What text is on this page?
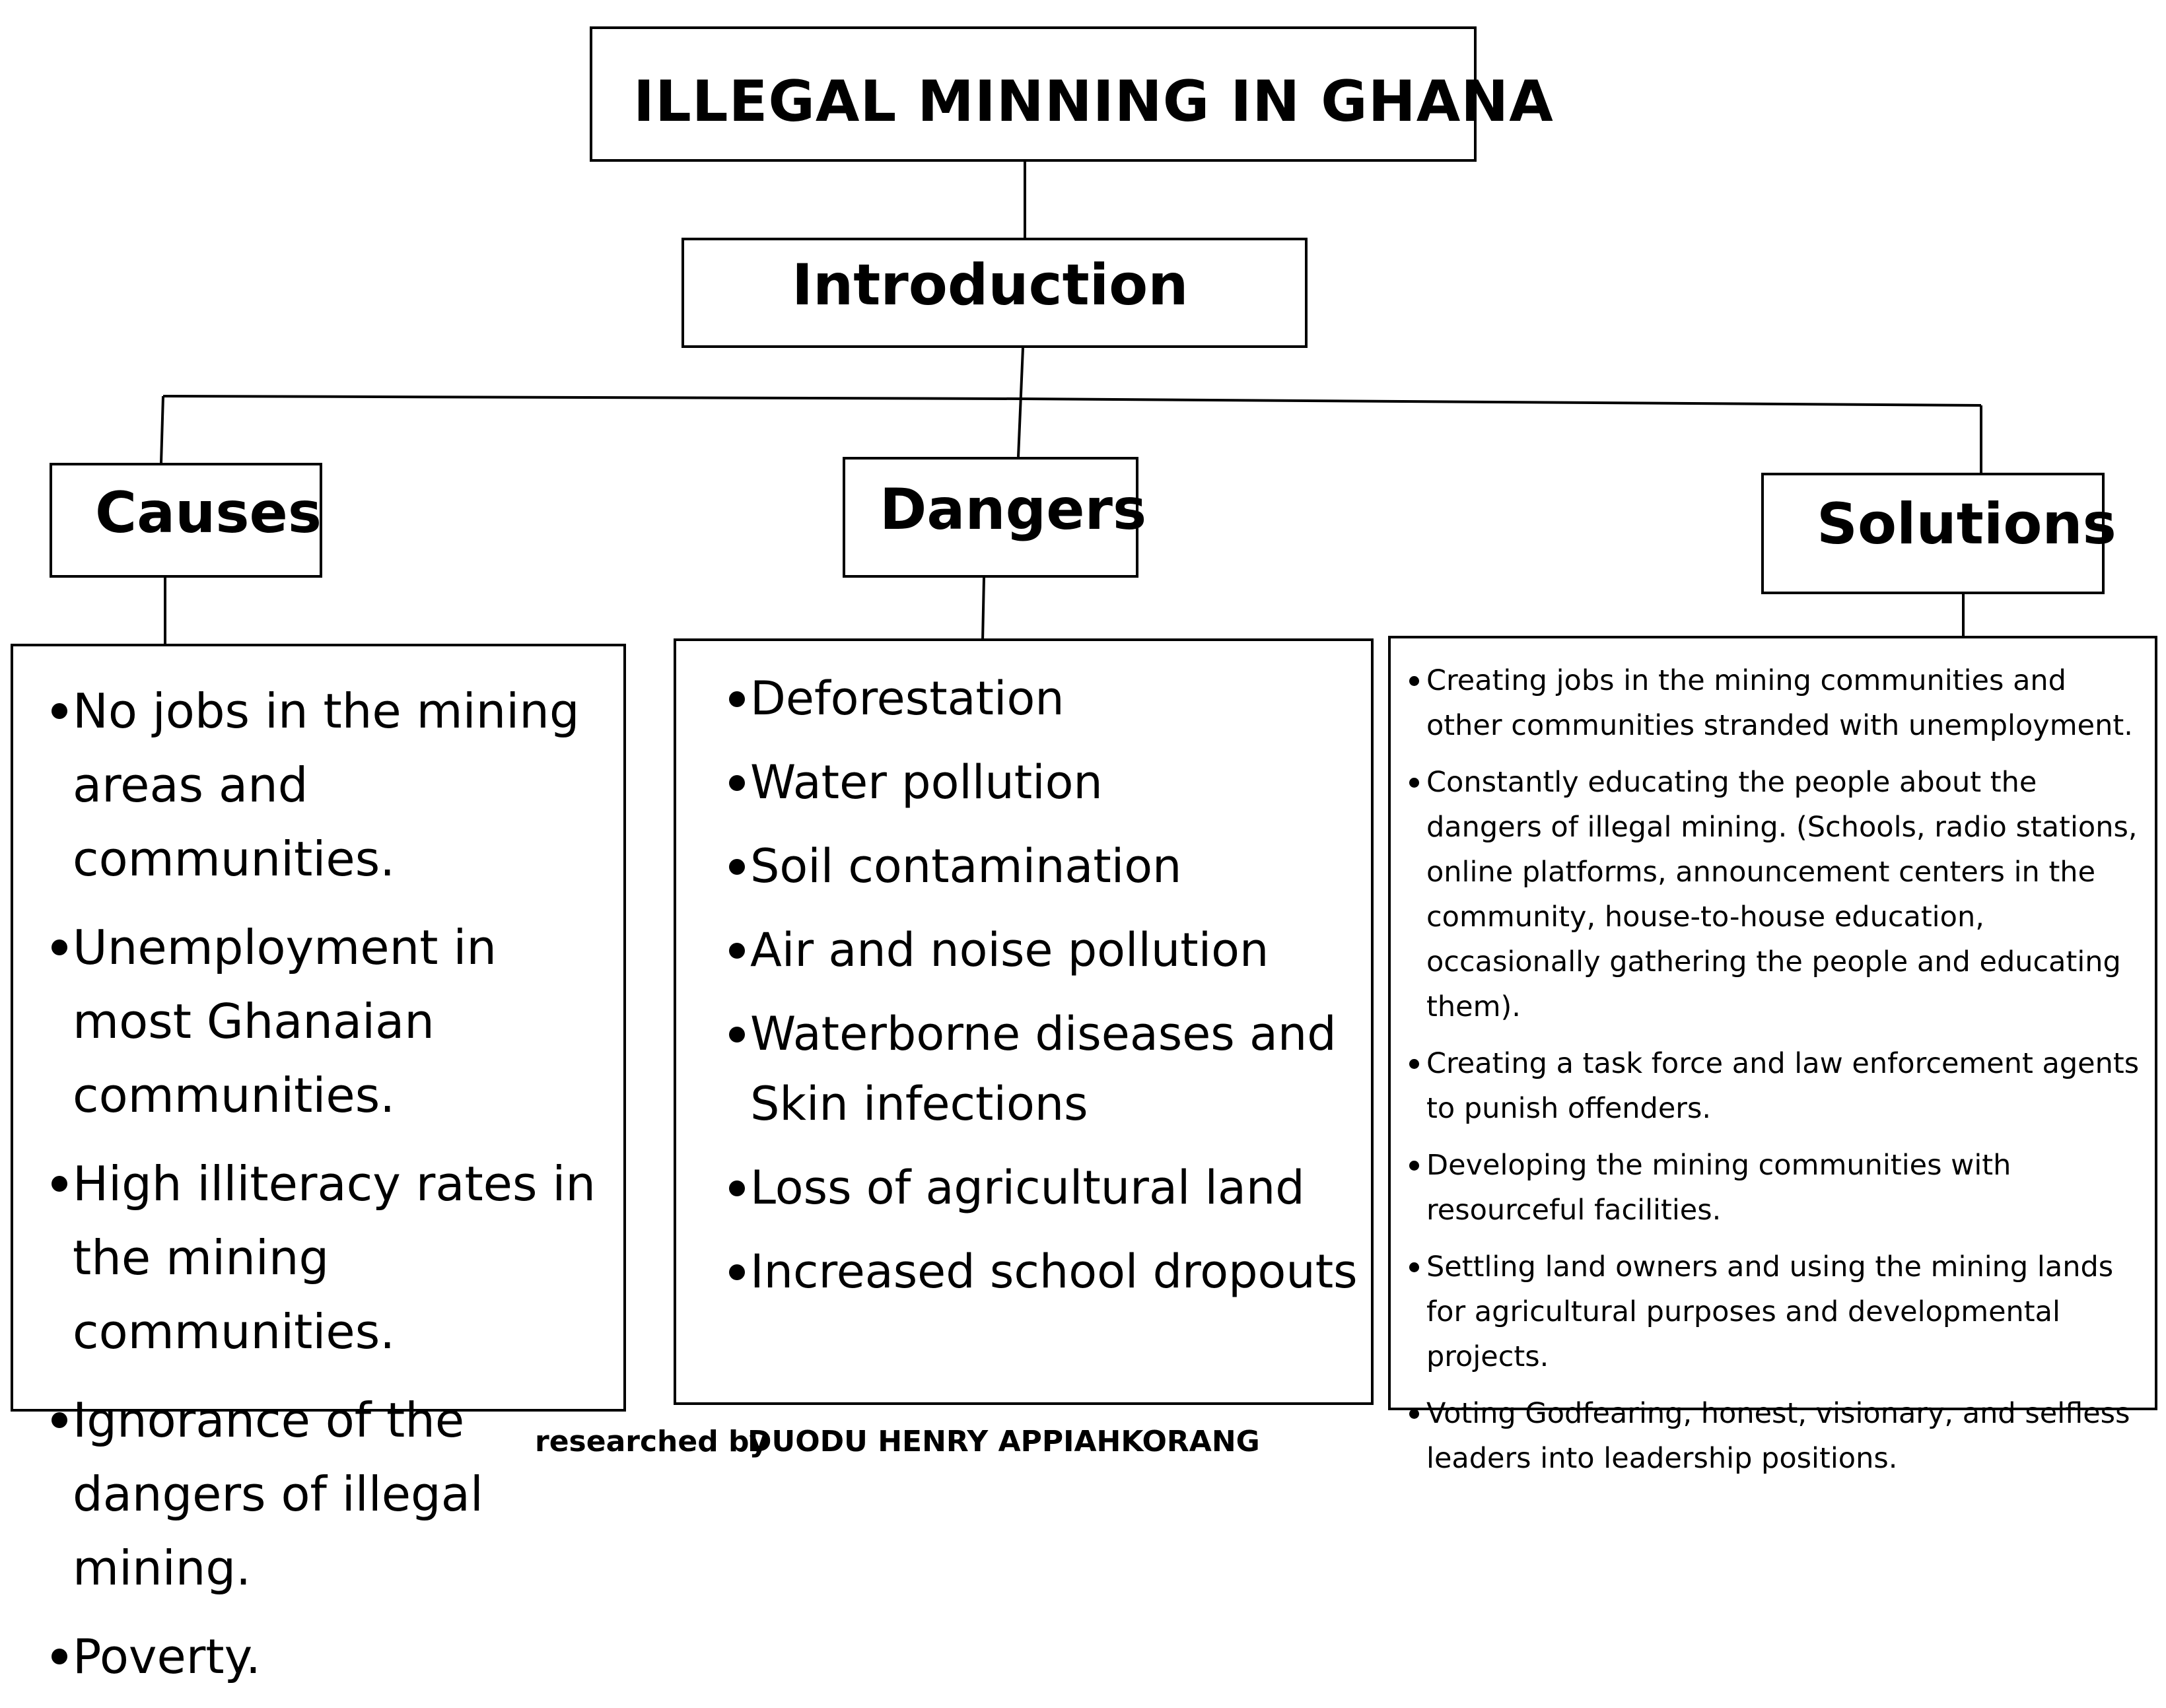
ILLEGAL MINNING IN GHANA
Introduction
Causes	Dangers	Solutions
No jobs in the mining areas and communities.
Unemployment in most Ghanaian communities.
High illiteracy rates in the mining communities.
Ignorance of the dangers of illegal mining.
Poverty.
Deforestation
Water pollution
Soil contamination
Air and noise pollution
Waterborne diseases and Skin infections
Loss of agricultural land
Increased school dropouts
Creating jobs in the mining communities and other communities stranded with unemployment.
Constantly educating the people about the dangers of illegal mining. (Schools, radio stations, online platforms, announcement centers in the community, house-to-house education, occasionally gathering the people and educating them).
Creating a task force and law enforcement agents to punish offenders.
Developing the mining communities with resourceful facilities.
Settling land owners and using the mining lands for agricultural purposes and developmental projects.
Voting Godfearing, honest, visionary, and selfless leaders into leadership positions.
researched by
DUODU HENRY APPIAHKORANG
